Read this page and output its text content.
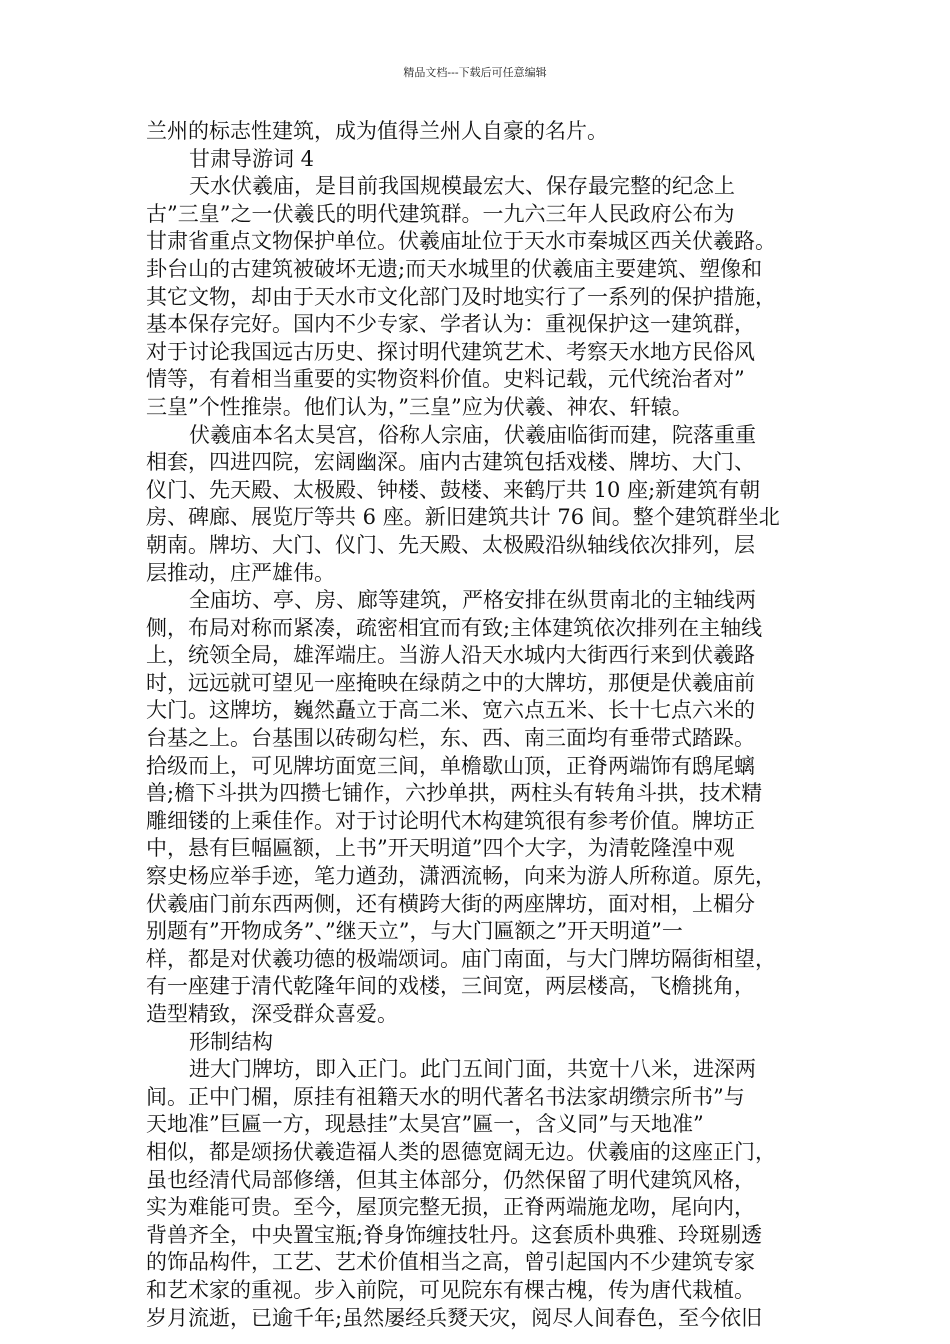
精品文档---下载后可任意编辑
兰州的标志性建筑，成为值得兰州人自豪的名片。
甘肃导游词 4
天水伏羲庙，是目前我国规模最宏大、保存最完整的纪念上
古”三皇”之一伏羲氏的明代建筑群。一九六三年人民政府公布为
甘肃省重点文物保护单位。伏羲庙址位于天水市秦城区西关伏羲路。
卦台山的古建筑被破坏无遗;而天水城里的伏羲庙主要建筑、塑像和
其它文物，却由于天水市文化部门及时地实行了一系列的保护措施，
基本保存完好。国内不少专家、学者认为：重视保护这一建筑群，
对于讨论我国远古历史、探讨明代建筑艺术、考察天水地方民俗风
情等，有着相当重要的实物资料价值。史料记载，元代统治者对”
三皇”个性推崇。他们认为，”三皇”应为伏羲、神农、轩辕。
伏羲庙本名太昊宫，俗称人宗庙，伏羲庙临街而建，院落重重
相套，四进四院，宏阔幽深。庙内古建筑包括戏楼、牌坊、大门、
仪门、先天殿、太极殿、钟楼、鼓楼、来鹤厅共 10 座;新建筑有朝
房、碑廊、展览厅等共 6 座。新旧建筑共计 76 间。整个建筑群坐北
朝南。牌坊、大门、仪门、先天殿、太极殿沿纵轴线依次排列，层
层推动，庄严雄伟。
全庙坊、亭、房、廊等建筑，严格安排在纵贯南北的主轴线两
侧，布局对称而紧凑，疏密相宜而有致;主体建筑依次排列在主轴线
上，统领全局，雄浑端庄。当游人沿天水城内大街西行来到伏羲路
时，远远就可望见一座掩映在绿荫之中的大牌坊，那便是伏羲庙前
大门。这牌坊，巍然矗立于高二米、宽六点五米、长十七点六米的
台基之上。台基围以砖砌勾栏，东、西、南三面均有垂带式踏跺。
拾级而上，可见牌坊面宽三间，单檐歇山顶，正脊两端饰有鸱尾螭
兽;檐下斗拱为四攒七铺作，六抄单拱，两柱头有转角斗拱，技术精
雕细镂的上乘佳作。对于讨论明代木构建筑很有参考价值。牌坊正
中，悬有巨幅匾额，上书”开天明道”四个大字，为清乾隆湟中观
察史杨应举手迹，笔力遒劲，潇洒流畅，向来为游人所称道。原先，
伏羲庙门前东西两侧，还有横跨大街的两座牌坊，面对相，上楣分
别题有”开物成务”、”继天立”，与大门匾额之”开天明道”一
样，都是对伏羲功德的极端颂词。庙门南面，与大门牌坊隔街相望，
有一座建于清代乾隆年间的戏楼，三间宽，两层楼高，飞檐挑角，
造型精致，深受群众喜爱。
形制结构
进大门牌坊，即入正门。此门五间门面，共宽十八米，进深两
间。正中门楣，原挂有祖籍天水的明代著名书法家胡缵宗所书”与
天地准”巨匾一方，现悬挂”太昊宫”匾一，含义同”与天地准”
相似，都是颂扬伏羲造福人类的恩德宽阔无边。伏羲庙的这座正门，
虽也经清代局部修缮，但其主体部分，仍然保留了明代建筑风格，
实为难能可贵。至今，屋顶完整无损，正脊两端施龙吻，尾向内，
背兽齐全，中央置宝瓶;脊身饰缠技牡丹。这套质朴典雅、玲斑剔透
的饰品构件，工艺、艺术价值相当之高，曾引起国内不少建筑专家
和艺术家的重视。步入前院，可见院东有棵古槐，传为唐代栽植。
岁月流逝，已逾千年;虽然屡经兵燹天灾，阅尽人间春色，至今依旧
